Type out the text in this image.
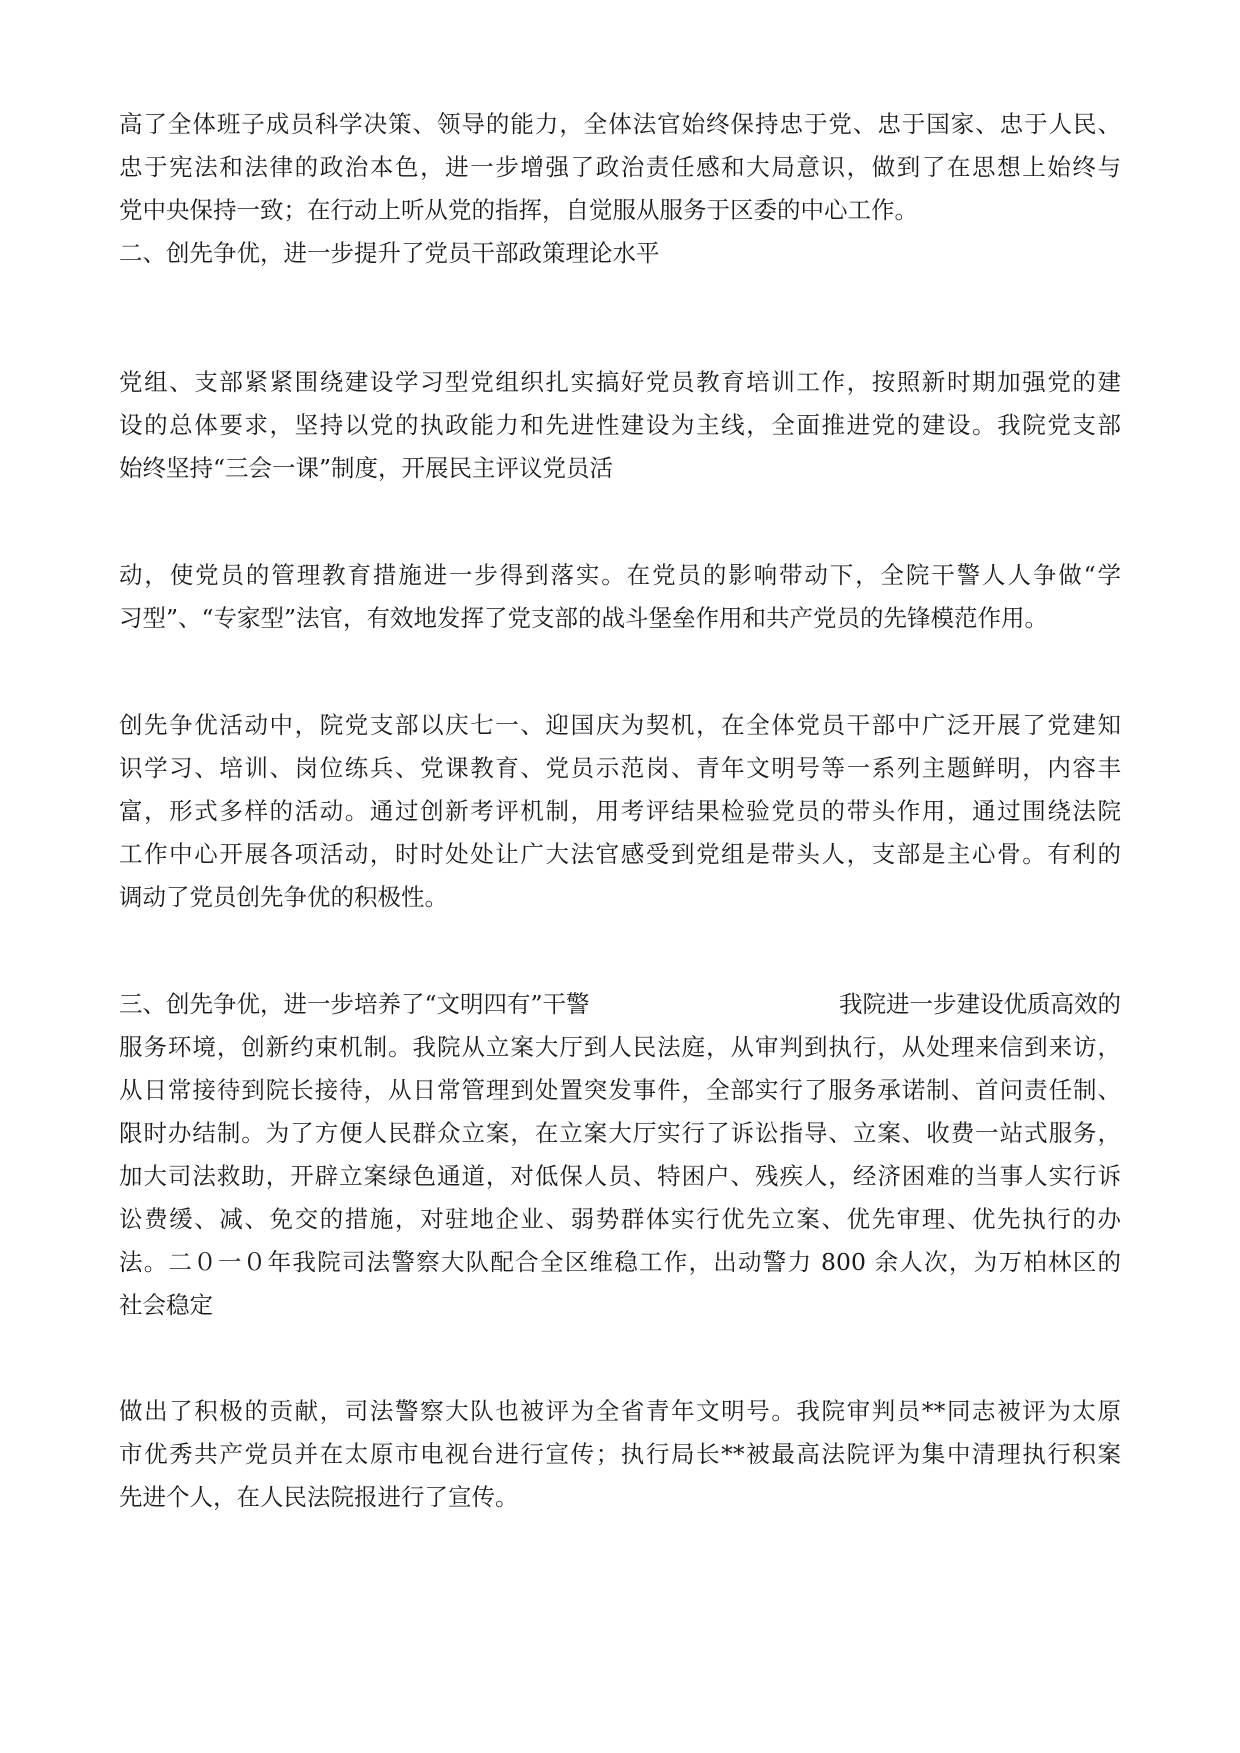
高了全体班子成员科学决策、领导的能力，全体法官始终保持忠于党、忠于国家、忠于人民、
忠于宪法和法律的政治本色，进一步增强了政治责任感和大局意识，做到了在思想上始终与
党中央保持一致；在行动上听从党的指挥，自觉服从服务于区委的中心工作。
二、创先争优，进一步提升了党员干部政策理论水平
党组、支部紧紧围绕建设学习型党组织扎实搞好党员教育培训工作，按照新时期加强党的建
设的总体要求，坚持以党的执政能力和先进性建设为主线，全面推进党的建设。我院党支部
始终坚持“三会一课”制度，开展民主评议党员活
动，使党员的管理教育措施进一步得到落实。在党员的影响带动下，全院干警人人争做“学
习型”、“专家型”法官，有效地发挥了党支部的战斗堡垒作用和共产党员的先锋模范作用。
创先争优活动中，院党支部以庆七一、迎国庆为契机，在全体党员干部中广泛开展了党建知
识学习、培训、岗位练兵、党课教育、党员示范岗、青年文明号等一系列主题鲜明，内容丰
富，形式多样的活动。通过创新考评机制，用考评结果检验党员的带头作用，通过围绕法院
工作中心开展各项活动，时时处处让广大法官感受到党组是带头人，支部是主心骨。有利的
调动了党员创先争优的积极性。
三、创先争优，进一步培养了“文明四有”干警	我院进一步建设优质高效的
服务环境，创新约束机制。我院从立案大厅到人民法庭，从审判到执行，从处理来信到来访，
从日常接待到院长接待，从日常管理到处置突发事件，全部实行了服务承诺制、首问责任制、
限时办结制。为了方便人民群众立案，在立案大厅实行了诉讼指导、立案、收费一站式服务，
加大司法救助，开辟立案绿色通道，对低保人员、特困户、残疾人，经济困难的当事人实行诉
讼费缓、减、免交的措施，对驻地企业、弱势群体实行优先立案、优先审理、优先执行的办
法。二０一０年我院司法警察大队配合全区维稳工作，出动警力 800 余人次，为万柏林区的
社会稳定
做出了积极的贡献，司法警察大队也被评为全省青年文明号。我院审判员**同志被评为太原
市优秀共产党员并在太原市电视台进行宣传；执行局长**被最高法院评为集中清理执行积案
先进个人，在人民法院报进行了宣传。
